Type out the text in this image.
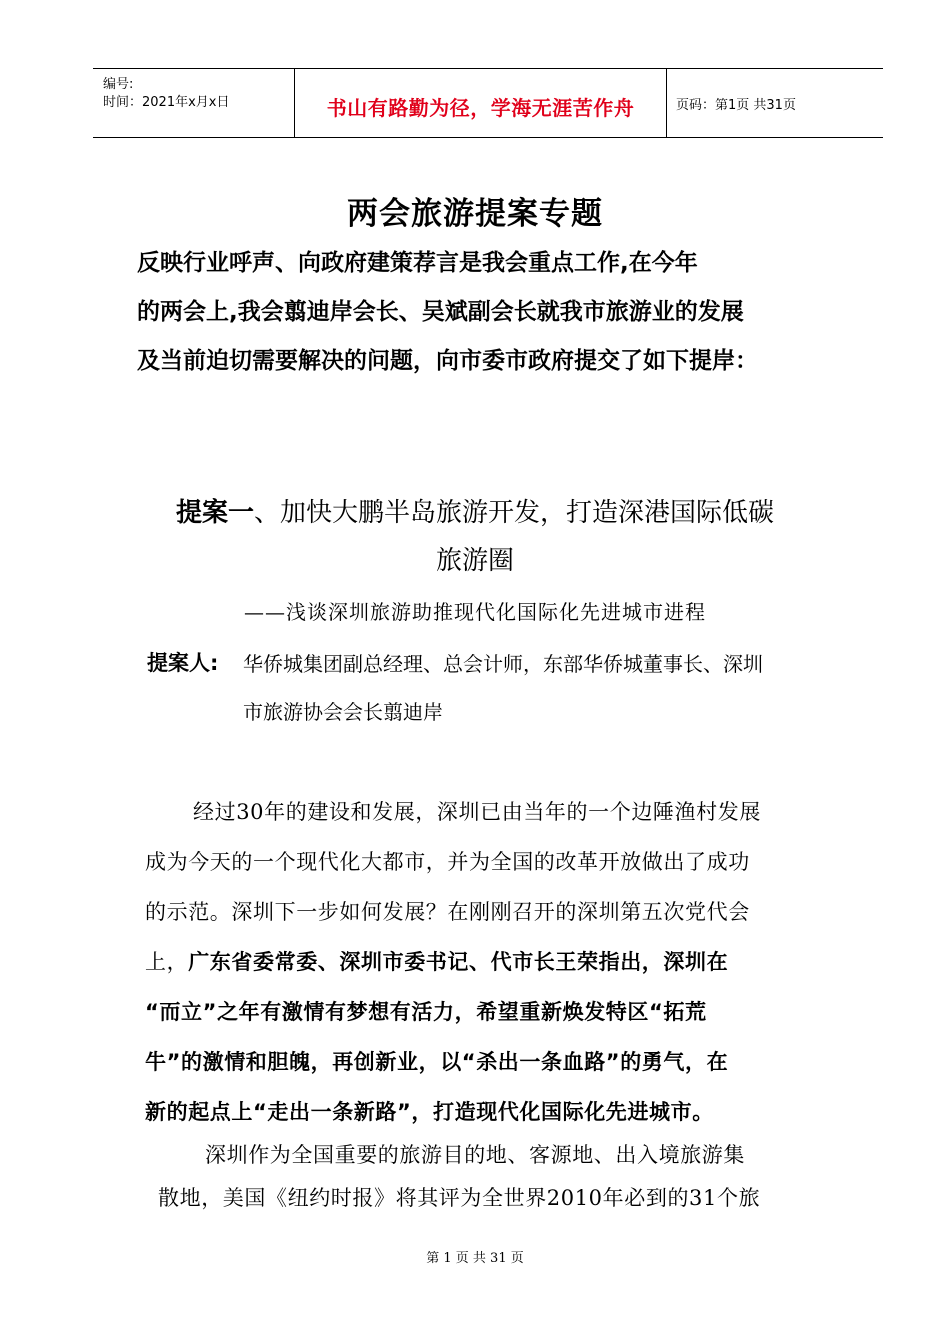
编号:
时间：2021年x月x日	书山有路勤为径，学海无涯苦作舟	页码：第1页 共31页
两会旅游提案专题
反映行业呼声、向政府建策荐言是我会重点工作,在今年
的两会上,我会翦迪岸会长、吴斌副会长就我市旅游业的发展
及当前迫切需要解决的问题，向市委市政府提交了如下提岸：
提案一、加快大鹏半岛旅游开发，打造深港国际低碳
旅游圈
——浅谈深圳旅游助推现代化国际化先进城市进程
提案人: 华侨城集团副总经理、总会计师，东部华侨城董事长、深圳
市旅游协会会长翦迪岸
经过30年的建设和发展，深圳已由当年的一个边陲渔村发展
成为今天的一个现代化大都市，并为全国的改革开放做出了成功
的示范。深圳下一步如何发展？在刚刚召开的深圳第五次党代会
上，广东省委常委、深圳市委书记、代市长王荣指出，深圳在
“而立”之年有激情有梦想有活力，希望重新焕发特区“拓荒
牛”的激情和胆魄，再创新业，以“杀出一条血路”的勇气，在
新的起点上“走出一条新路”，打造现代化国际化先进城市。
深圳作为全国重要的旅游目的地、客源地、出入境旅游集
散地，美国《纽约时报》将其评为全世界2010年必到的31个旅
第 1 页 共 31 页
